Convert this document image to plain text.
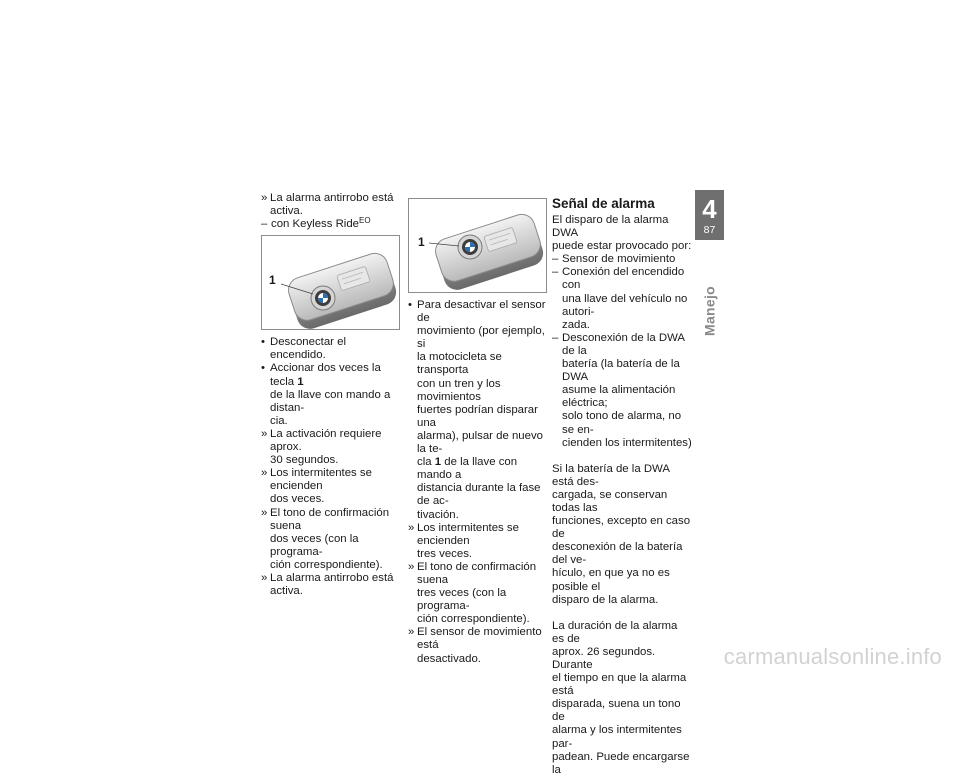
» La alarma antirrobo está activa.
– con Keyless Ride$^{EO}$
1
• Desconectar el encendido.
• Accionar dos veces la tecla 1
de la llave con mando a distan-
cia.
» La activación requiere aprox.
30 segundos.
» Los intermitentes se encienden
dos veces.
» El tono de confirmación suena
dos veces (con la programa-
ción correspondiente).
» La alarma antirrobo está activa.
1
• Para desactivar el sensor de
movimiento (por ejemplo, si
la motocicleta se transporta
con un tren y los movimientos
fuertes podrían disparar una
alarma), pulsar de nuevo la te-
cla 1 de la llave con mando a
distancia durante la fase de ac-
tivación.
» Los intermitentes se encienden
tres veces.
» El tono de confirmación suena
tres veces (con la programa-
ción correspondiente).
» El sensor de movimiento está
desactivado.

Señal de alarma

El disparo de la alarma DWA
puede estar provocado por:

– Sensor de movimiento
– Conexión del encendido con
una llave del vehículo no autori-
zada.
– Desconexión de la DWA de la
batería (la batería de la DWA
asume la alimentación eléctrica;
solo tono de alarma, no se en-
cienden los intermitentes)

Si la batería de la DWA está des-
cargada, se conservan todas las
funciones, excepto en caso de
desconexión de la batería del ve-
hículo, en que ya no es posible el
disparo de la alarma.

La duración de la alarma es de
aprox. 26 segundos. Durante
el tiempo en que la alarma está
disparada, suena un tono de
alarma y los intermitentes par-
padean. Puede encargarse la

4
87
Manejo
carmanualsonline.info
